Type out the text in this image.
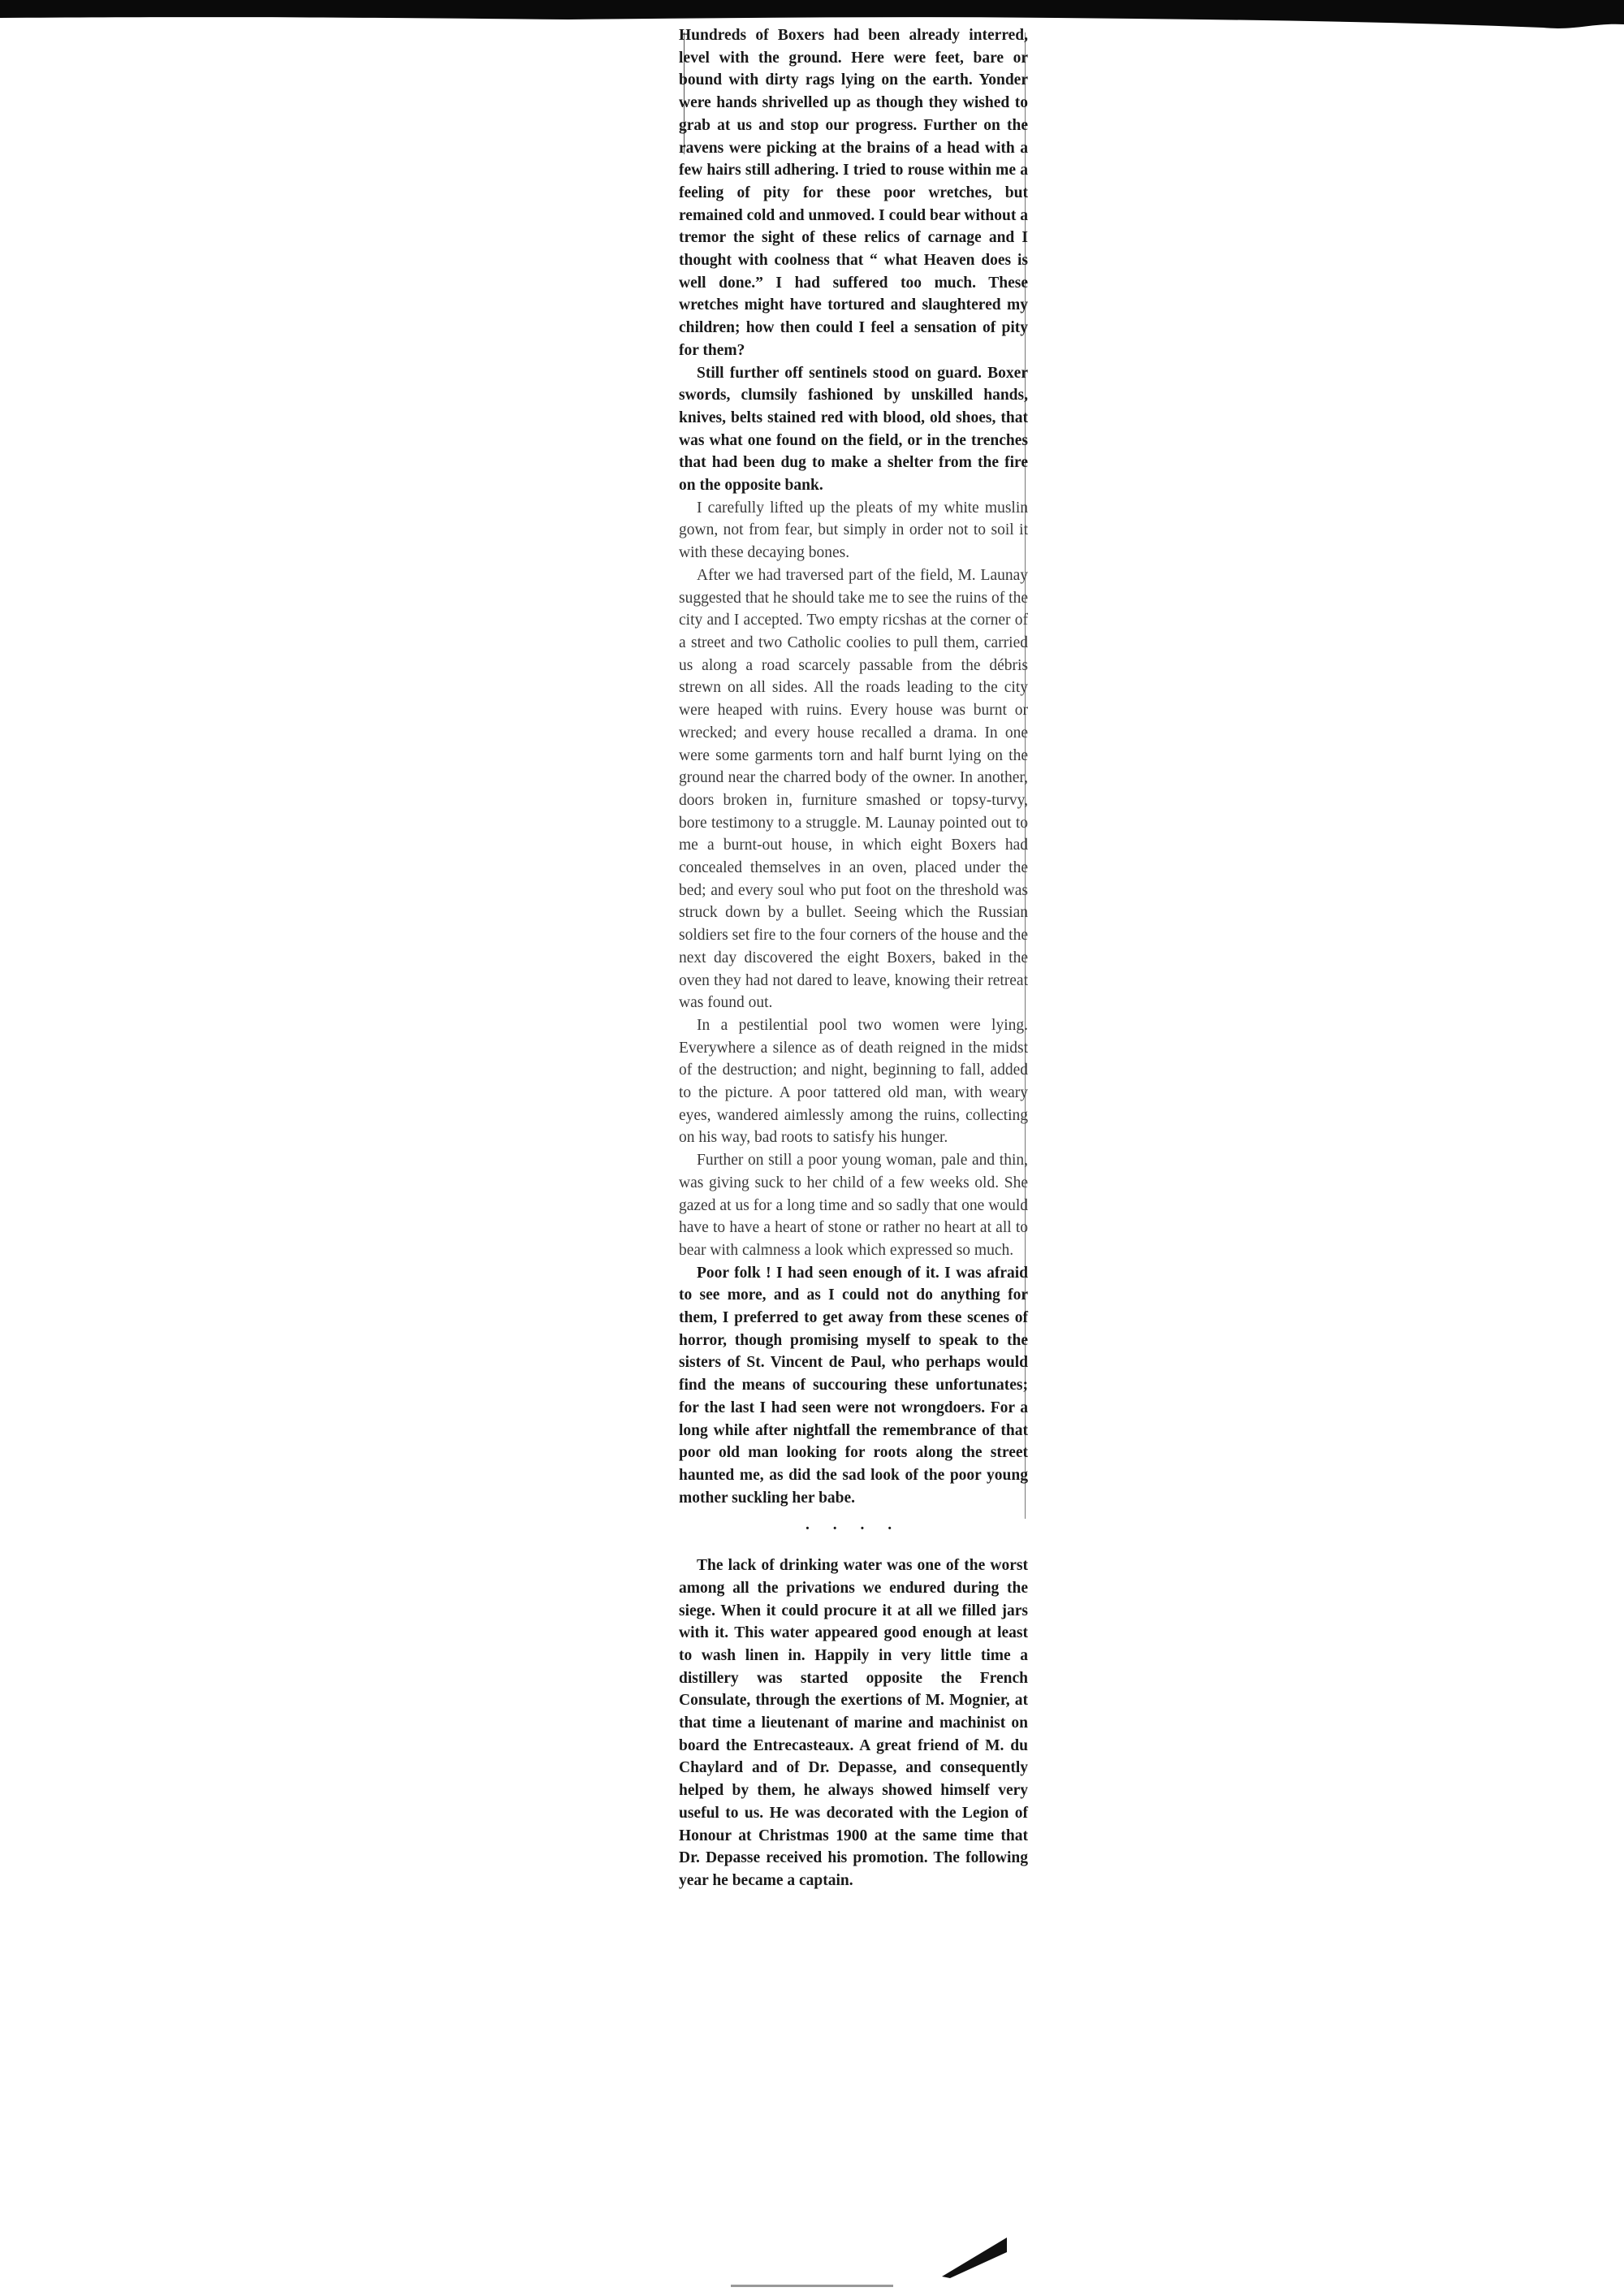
Hundreds of Boxers had been already interred, level with the ground. Here were feet, bare or bound with dirty rags lying on the earth. Yonder were hands shrivelled up as though they wished to grab at us and stop our progress. Further on the ravens were picking at the brains of a head with a few hairs still adhering. I tried to rouse within me a feeling of pity for these poor wretches, but remained cold and unmoved. I could bear without a tremor the sight of these relics of carnage and I thought with coolness that “ what Heaven does is well done.” I had suffered too much. These wretches might have tortured and slaughtered my children; how then could I feel a sensation of pity for them?

Still further off sentinels stood on guard. Boxer swords, clumsily fashioned by unskilled hands, knives, belts stained red with blood, old shoes, that was what one found on the field, or in the trenches that had been dug to make a shelter from the fire on the opposite bank.

I carefully lifted up the pleats of my white muslin gown, not from fear, but simply in order not to soil it with these decaying bones.

After we had traversed part of the field, M. Launay suggested that he should take me to see the ruins of the city and I accepted. Two empty ricshas at the corner of a street and two Catholic coolies to pull them, carried us along a road scarcely passable from the débris strewn on all sides. All the roads leading to the city were heaped with ruins. Every house was burnt or wrecked; and every house recalled a drama. In one were some garments torn and half burnt lying on the ground near the charred body of the owner. In another, doors broken in, furniture smashed or topsy-turvy, bore testimony to a struggle. M. Launay pointed out to me a burnt-out house, in which eight Boxers had concealed themselves in an oven, placed under the bed; and every soul who put foot on the threshold was struck down by a bullet. Seeing which the Russian soldiers set fire to the four corners of the house and the next day discovered the eight Boxers, baked in the oven they had not dared to leave, knowing their retreat was found out.

In a pestilential pool two women were lying. Everywhere a silence as of death reigned in the midst of the destruction; and night, beginning to fall, added to the picture. A poor tattered old man, with weary eyes, wandered aimlessly among the ruins, collecting on his way, bad roots to satisfy his hunger.

Further on still a poor young woman, pale and thin, was giving suck to her child of a few weeks old. She gazed at us for a long time and so sadly that one would have to have a heart of stone or rather no heart at all to bear with calmness a look which expressed so much.

Poor folk ! I had seen enough of it. I was afraid to see more, and as I could not do anything for them, I preferred to get away from these scenes of horror, though promising myself to speak to the sisters of St. Vincent de Paul, who perhaps would find the means of succouring these unfortunates; for the last I had seen were not wrongdoers. For a long while after nightfall the remembrance of that poor old man looking for roots along the street haunted me, as did the sad look of the poor young mother suckling her babe.

. . . .

The lack of drinking water was one of the worst among all the privations we endured during the siege. When it could procure it at all we filled jars with it. This water appeared good enough at least to wash linen in. Happily in very little time a distillery was started opposite the French Consulate, through the exertions of M. Mognier, at that time a lieutenant of marine and machinist on board the Entrecasteaux. A great friend of M. du Chaylard and of Dr. Depasse, and consequently helped by them, he always showed himself very useful to us. He was decorated with the Legion of Honour at Christmas 1900 at the same time that Dr. Depasse received his promotion. The following year he became a captain.
